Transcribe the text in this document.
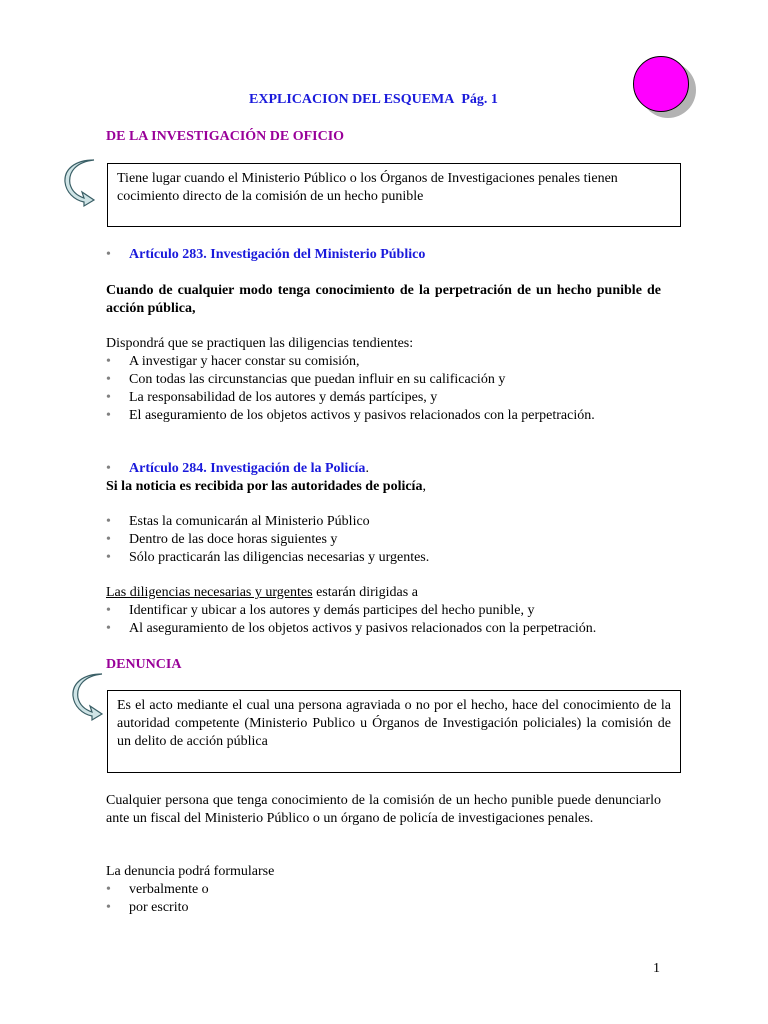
EXPLICACION DEL ESQUEMA Pág. 1
DE LA INVESTIGACIÓN DE OFICIO
Tiene lugar cuando el Ministerio Público o los Órganos de Investigaciones penales tienen
cocimiento directo de la comisión de un hecho punible
• Artículo 283. Investigación del Ministerio Público
Cuando de cualquier modo tenga conocimiento de la perpetración de un hecho punible de acción pública,
Dispondrá que se practiquen las diligencias tendientes:
• A investigar y hacer constar su comisión,
• Con todas las circunstancias que puedan influir en su calificación y
• La responsabilidad de los autores y demás partícipes, y
• El aseguramiento de los objetos activos y pasivos relacionados con la perpetración.
• Artículo 284. Investigación de la Policía.
Si la noticia es recibida por las autoridades de policía,
• Estas la comunicarán al Ministerio Público
• Dentro de las doce horas siguientes y
• Sólo practicarán las diligencias necesarias y urgentes.
Las diligencias necesarias y urgentes estarán dirigidas a
• Identificar y ubicar a los autores y demás participes del hecho punible, y
• Al aseguramiento de los objetos activos y pasivos relacionados con la perpetración.
DENUNCIA
Es el acto mediante el cual una persona agraviada o no por el hecho, hace del conocimiento de la autoridad competente (Ministerio Publico u Órganos de Investigación policiales) la comisión de un delito de acción pública
Cualquier persona que tenga conocimiento de la comisión de un hecho punible puede denunciarlo ante un fiscal del Ministerio Público o un órgano de policía de investigaciones penales.
La denuncia podrá formularse
• verbalmente o
• por escrito
1
